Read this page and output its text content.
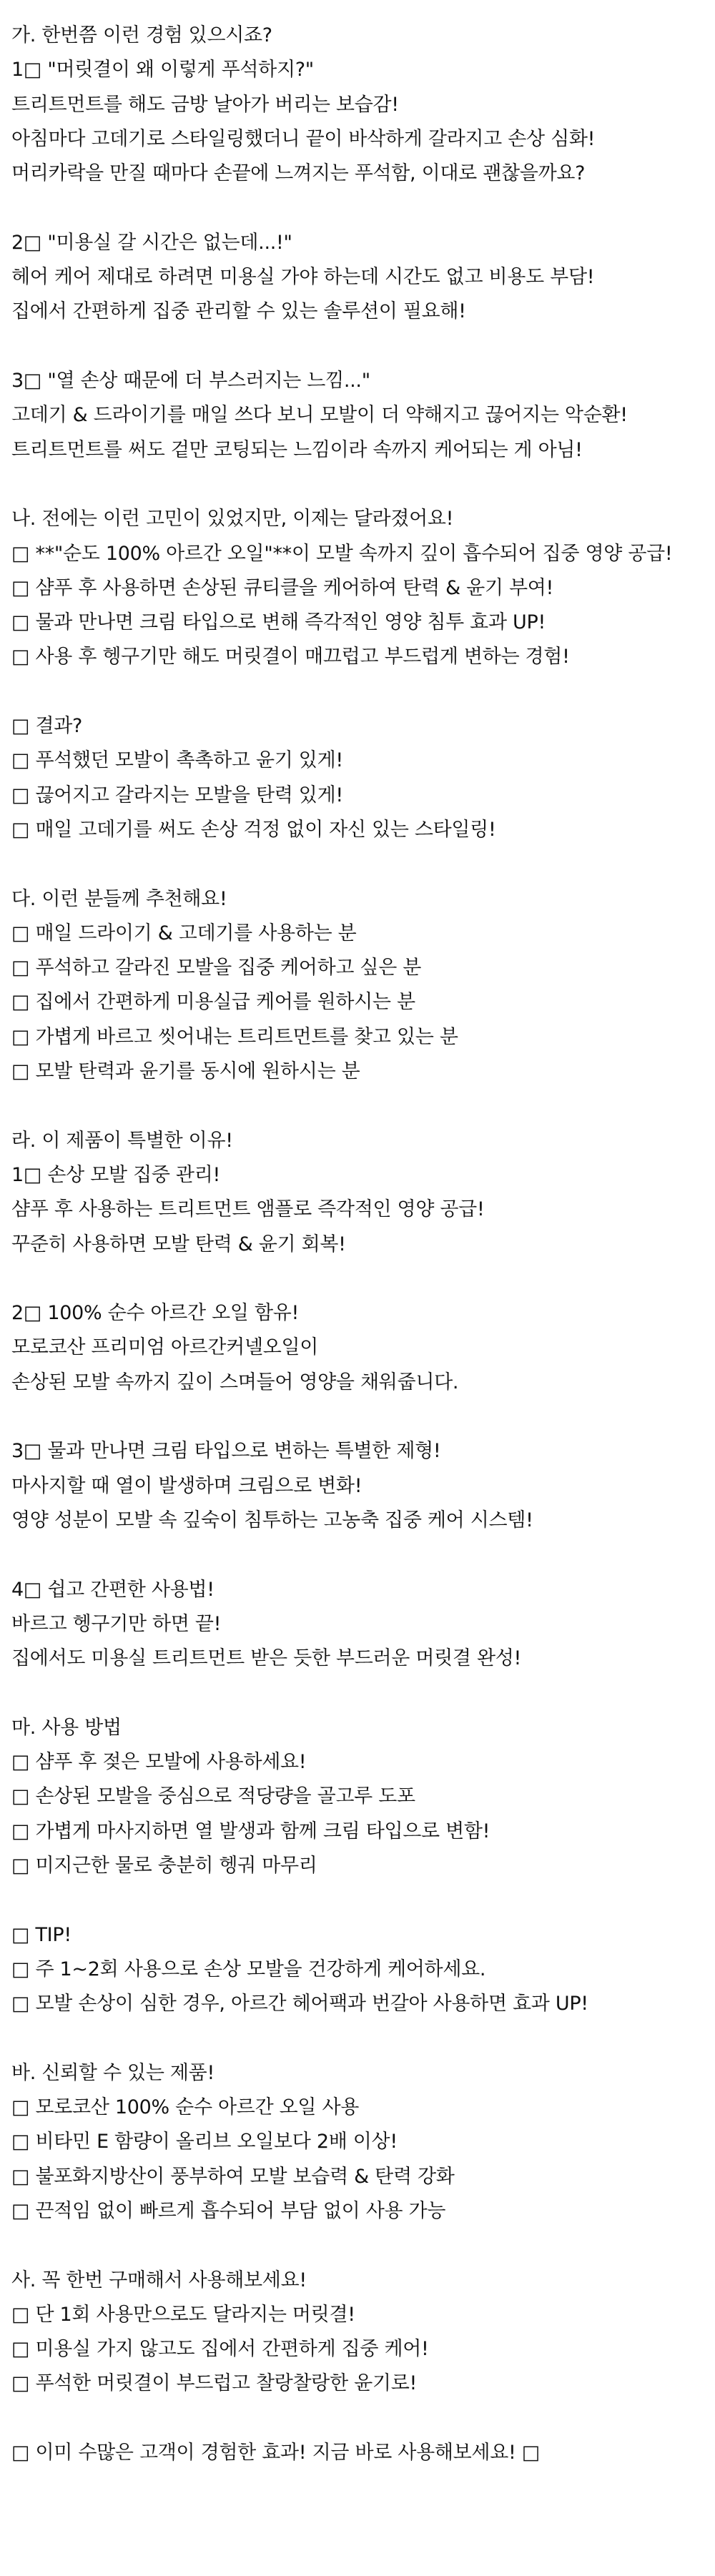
가. 한번쯤 이런 경험 있으시죠?
1□ "머릿결이 왜 이렇게 푸석하지?"
트리트먼트를 해도 금방 날아가 버리는 보습감!
아침마다 고데기로 스타일링했더니 끝이 바삭하게 갈라지고 손상 심화!
머리카락을 만질 때마다 손끝에 느껴지는 푸석함, 이대로 괜찮을까요?
2□ "미용실 갈 시간은 없는데...!"
헤어 케어 제대로 하려면 미용실 가야 하는데 시간도 없고 비용도 부담!
집에서 간편하게 집중 관리할 수 있는 솔루션이 필요해!
3□ "열 손상 때문에 더 부스러지는 느낌..."
고데기 & 드라이기를 매일 쓰다 보니 모발이 더 약해지고 끊어지는 악순환!
트리트먼트를 써도 겉만 코팅되는 느낌이라 속까지 케어되는 게 아님!
나. 전에는 이런 고민이 있었지만, 이제는 달라졌어요!
□ **"순도 100% 아르간 오일"**이 모발 속까지 깊이 흡수되어 집중 영양 공급!
□ 샴푸 후 사용하면 손상된 큐티클을 케어하여 탄력 & 윤기 부여!
□ 물과 만나면 크림 타입으로 변해 즉각적인 영양 침투 효과 UP!
□ 사용 후 헹구기만 해도 머릿결이 매끄럽고 부드럽게 변하는 경험!
□ 결과?
□ 푸석했던 모발이 촉촉하고 윤기 있게!
□ 끊어지고 갈라지는 모발을 탄력 있게!
□ 매일 고데기를 써도 손상 걱정 없이 자신 있는 스타일링!
다. 이런 분들께 추천해요!
□ 매일 드라이기 & 고데기를 사용하는 분
□ 푸석하고 갈라진 모발을 집중 케어하고 싶은 분
□ 집에서 간편하게 미용실급 케어를 원하시는 분
□ 가볍게 바르고 씻어내는 트리트먼트를 찾고 있는 분
□ 모발 탄력과 윤기를 동시에 원하시는 분
라. 이 제품이 특별한 이유!
1□ 손상 모발 집중 관리!
샴푸 후 사용하는 트리트먼트 앰플로 즉각적인 영양 공급!
꾸준히 사용하면 모발 탄력 & 윤기 회복!
2□ 100% 순수 아르간 오일 함유!
모로코산 프리미엄 아르간커넬오일이
손상된 모발 속까지 깊이 스며들어 영양을 채워줍니다.
3□ 물과 만나면 크림 타입으로 변하는 특별한 제형!
마사지할 때 열이 발생하며 크림으로 변화!
영양 성분이 모발 속 깊숙이 침투하는 고농축 집중 케어 시스템!
4□ 쉽고 간편한 사용법!
바르고 헹구기만 하면 끝!
집에서도 미용실 트리트먼트 받은 듯한 부드러운 머릿결 완성!
마. 사용 방법
□ 샴푸 후 젖은 모발에 사용하세요!
□ 손상된 모발을 중심으로 적당량을 골고루 도포
□ 가볍게 마사지하면 열 발생과 함께 크림 타입으로 변함!
□ 미지근한 물로 충분히 헹궈 마무리
□ TIP!
□ 주 1~2회 사용으로 손상 모발을 건강하게 케어하세요.
□ 모발 손상이 심한 경우, 아르간 헤어팩과 번갈아 사용하면 효과 UP!
바. 신뢰할 수 있는 제품!
□ 모로코산 100% 순수 아르간 오일 사용
□ 비타민 E 함량이 올리브 오일보다 2배 이상!
□ 불포화지방산이 풍부하여 모발 보습력 & 탄력 강화
□ 끈적임 없이 빠르게 흡수되어 부담 없이 사용 가능
사. 꼭 한번 구매해서 사용해보세요!
□ 단 1회 사용만으로도 달라지는 머릿결!
□ 미용실 가지 않고도 집에서 간편하게 집중 케어!
□ 푸석한 머릿결이 부드럽고 찰랑찰랑한 윤기로!
□ 이미 수많은 고객이 경험한 효과! 지금 바로 사용해보세요! □
